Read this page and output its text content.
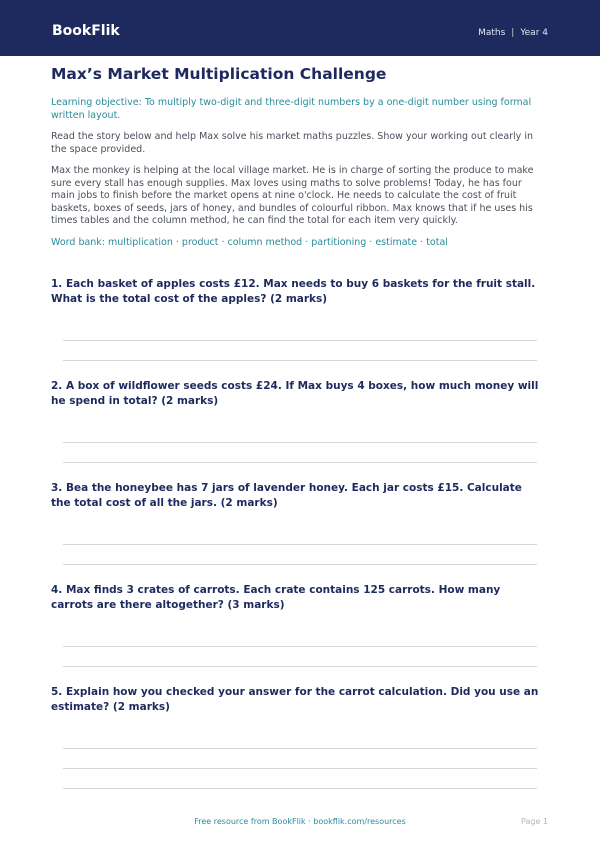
BookFlik	Maths | Year 4
Max’s Market Multiplication Challenge
Learning objective: To multiply two-digit and three-digit numbers by a one-digit number using formal written layout.
Read the story below and help Max solve his market maths puzzles. Show your working out clearly in the space provided.
Max the monkey is helping at the local village market. He is in charge of sorting the produce to make sure every stall has enough supplies. Max loves using maths to solve problems! Today, he has four main jobs to finish before the market opens at nine o'clock. He needs to calculate the cost of fruit baskets, boxes of seeds, jars of honey, and bundles of colourful ribbon. Max knows that if he uses his times tables and the column method, he can find the total for each item very quickly.
Word bank: multiplication · product · column method · partitioning · estimate · total
1. Each basket of apples costs £12. Max needs to buy 6 baskets for the fruit stall. What is the total cost of the apples? (2 marks)
2. A box of wildflower seeds costs £24. If Max buys 4 boxes, how much money will he spend in total? (2 marks)
3. Bea the honeybee has 7 jars of lavender honey. Each jar costs £15. Calculate the total cost of all the jars. (2 marks)
4. Max finds 3 crates of carrots. Each crate contains 125 carrots. How many carrots are there altogether? (3 marks)
5. Explain how you checked your answer for the carrot calculation. Did you use an estimate? (2 marks)
Free resource from BookFlik · bookflik.com/resources	Page 1
